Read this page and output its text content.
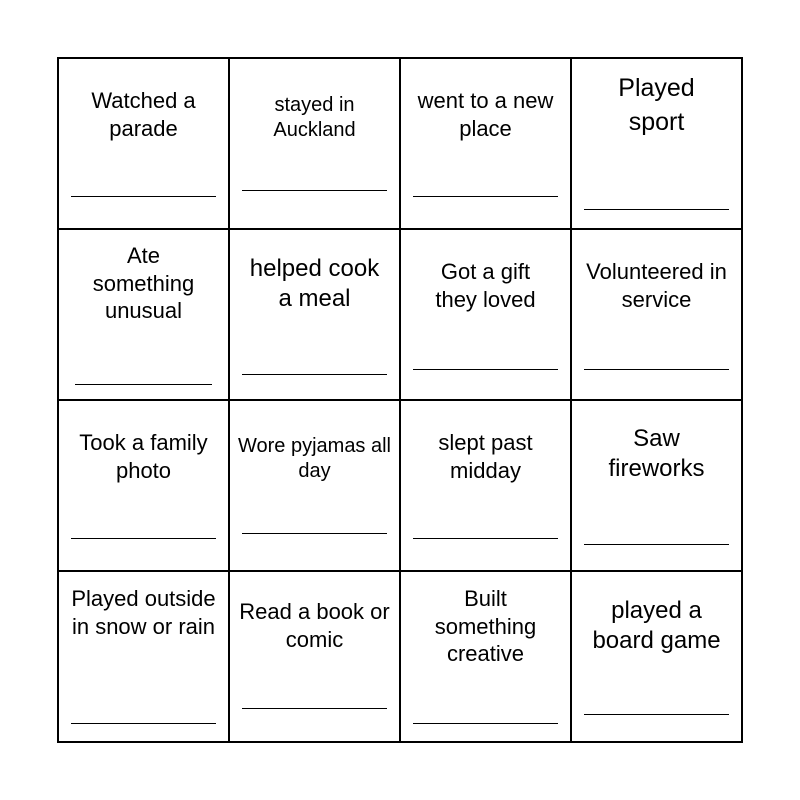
Watched a parade
stayed in Auckland
went to a new place
Played sport
Ate something unusual
helped cook a meal
Got a gift they loved
Volunteered in service
Took a family photo
Wore pyjamas all day
slept past midday
Saw fireworks
Played outside in snow or rain
Read a book or comic
Built something creative
played a board game
